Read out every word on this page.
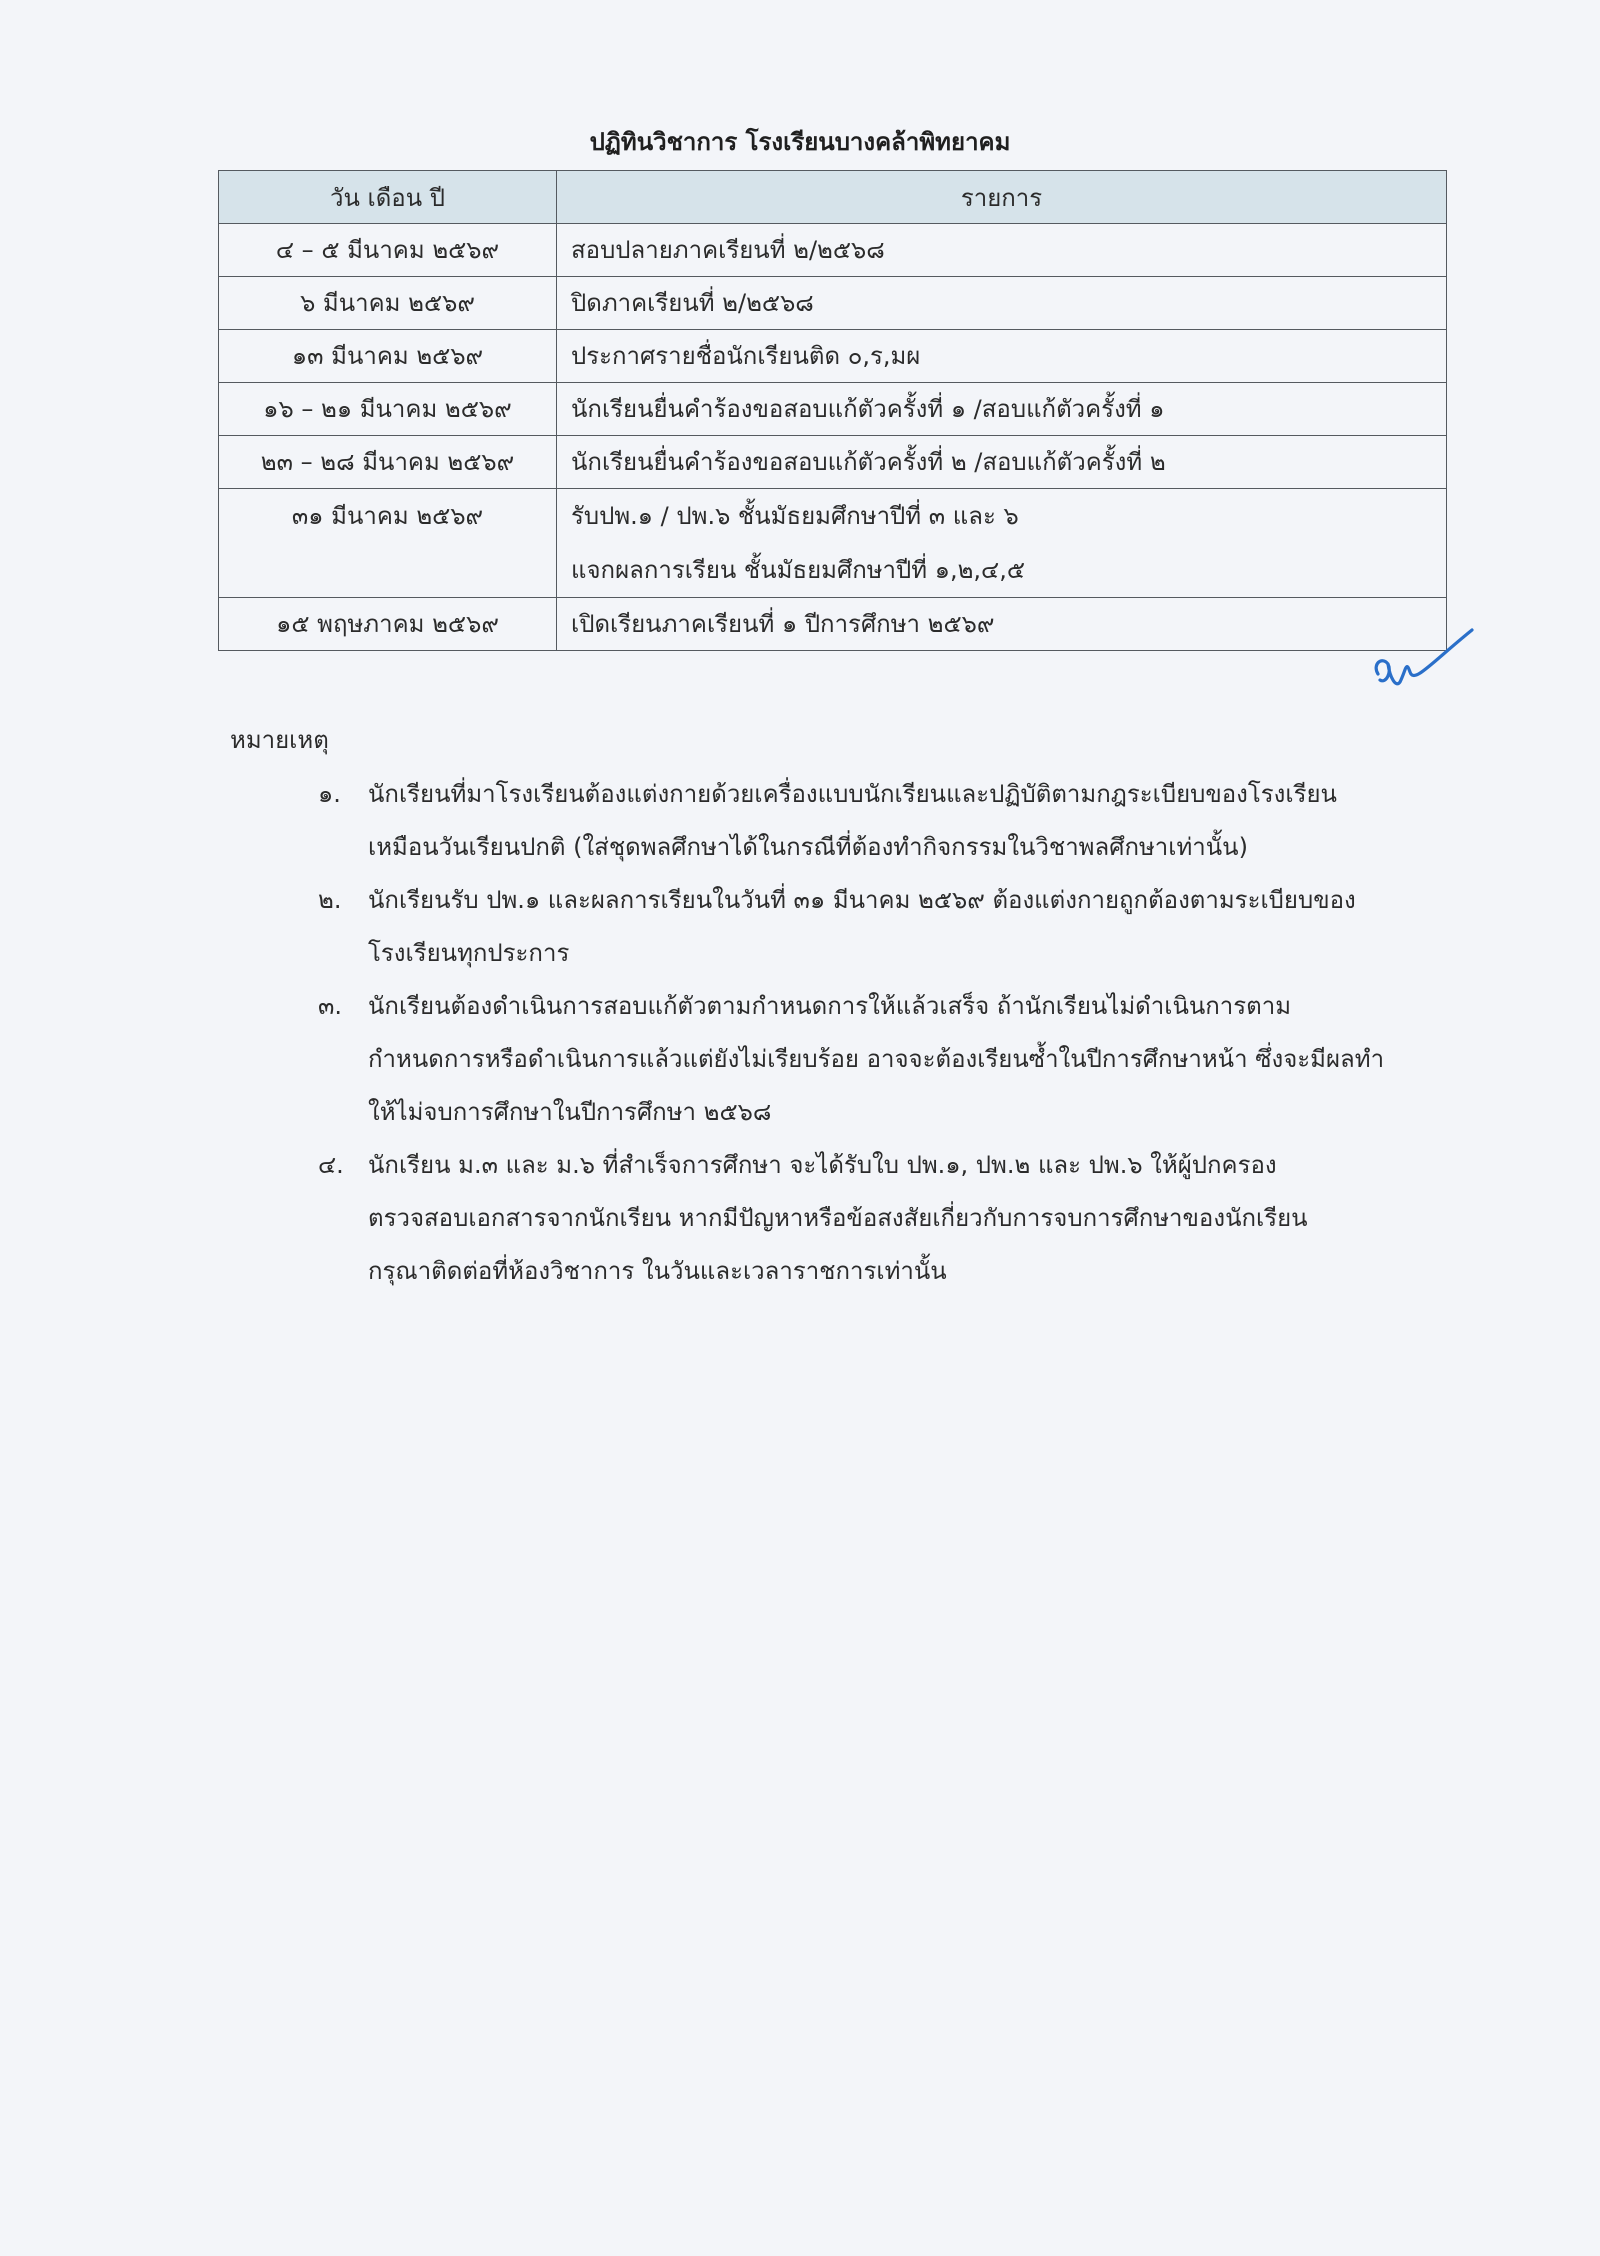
ปฏิทินวิชาการ โรงเรียนบางคล้าพิทยาคม
วัน เดือน ปี	รายการ
๔ – ๕ มีนาคม ๒๕๖๙	สอบปลายภาคเรียนที่ ๒/๒๕๖๘
๖ มีนาคม ๒๕๖๙	ปิดภาคเรียนที่ ๒/๒๕๖๘
๑๓ มีนาคม ๒๕๖๙	ประกาศรายชื่อนักเรียนติด ๐,ร,มผ
๑๖ – ๒๑ มีนาคม ๒๕๖๙	นักเรียนยื่นคำร้องขอสอบแก้ตัวครั้งที่ ๑ /สอบแก้ตัวครั้งที่ ๑
๒๓ – ๒๘ มีนาคม ๒๕๖๙	นักเรียนยื่นคำร้องขอสอบแก้ตัวครั้งที่ ๒ /สอบแก้ตัวครั้งที่ ๒
๓๑ มีนาคม ๒๕๖๙	รับปพ.๑ / ปพ.๖ ชั้นมัธยมศึกษาปีที่ ๓ และ ๖
แจกผลการเรียน ชั้นมัธยมศึกษาปีที่ ๑,๒,๔,๕

๑๕ พฤษภาคม ๒๕๖๙	เปิดเรียนภาคเรียนที่ ๑ ปีการศึกษา ๒๕๖๙
หมายเหตุ
๑. นักเรียนที่มาโรงเรียนต้องแต่งกายด้วยเครื่องแบบนักเรียนและปฏิบัติตามกฎระเบียบของโรงเรียน
เหมือนวันเรียนปกติ (ใส่ชุดพลศึกษาได้ในกรณีที่ต้องทำกิจกรรมในวิชาพลศึกษาเท่านั้น)
๒. นักเรียนรับ ปพ.๑ และผลการเรียนในวันที่ ๓๑ มีนาคม ๒๕๖๙ ต้องแต่งกายถูกต้องตามระเบียบของ
โรงเรียนทุกประการ
๓. นักเรียนต้องดำเนินการสอบแก้ตัวตามกำหนดการให้แล้วเสร็จ ถ้านักเรียนไม่ดำเนินการตาม
กำหนดการหรือดำเนินการแล้วแต่ยังไม่เรียบร้อย อาจจะต้องเรียนซ้ำในปีการศึกษาหน้า ซึ่งจะมีผลทำ
ให้ไม่จบการศึกษาในปีการศึกษา ๒๕๖๘
๔. นักเรียน ม.๓ และ ม.๖ ที่สำเร็จการศึกษา จะได้รับใบ ปพ.๑, ปพ.๒ และ ปพ.๖ ให้ผู้ปกครอง
ตรวจสอบเอกสารจากนักเรียน หากมีปัญหาหรือข้อสงสัยเกี่ยวกับการจบการศึกษาของนักเรียน
กรุณาติดต่อที่ห้องวิชาการ ในวันและเวลาราชการเท่านั้น
